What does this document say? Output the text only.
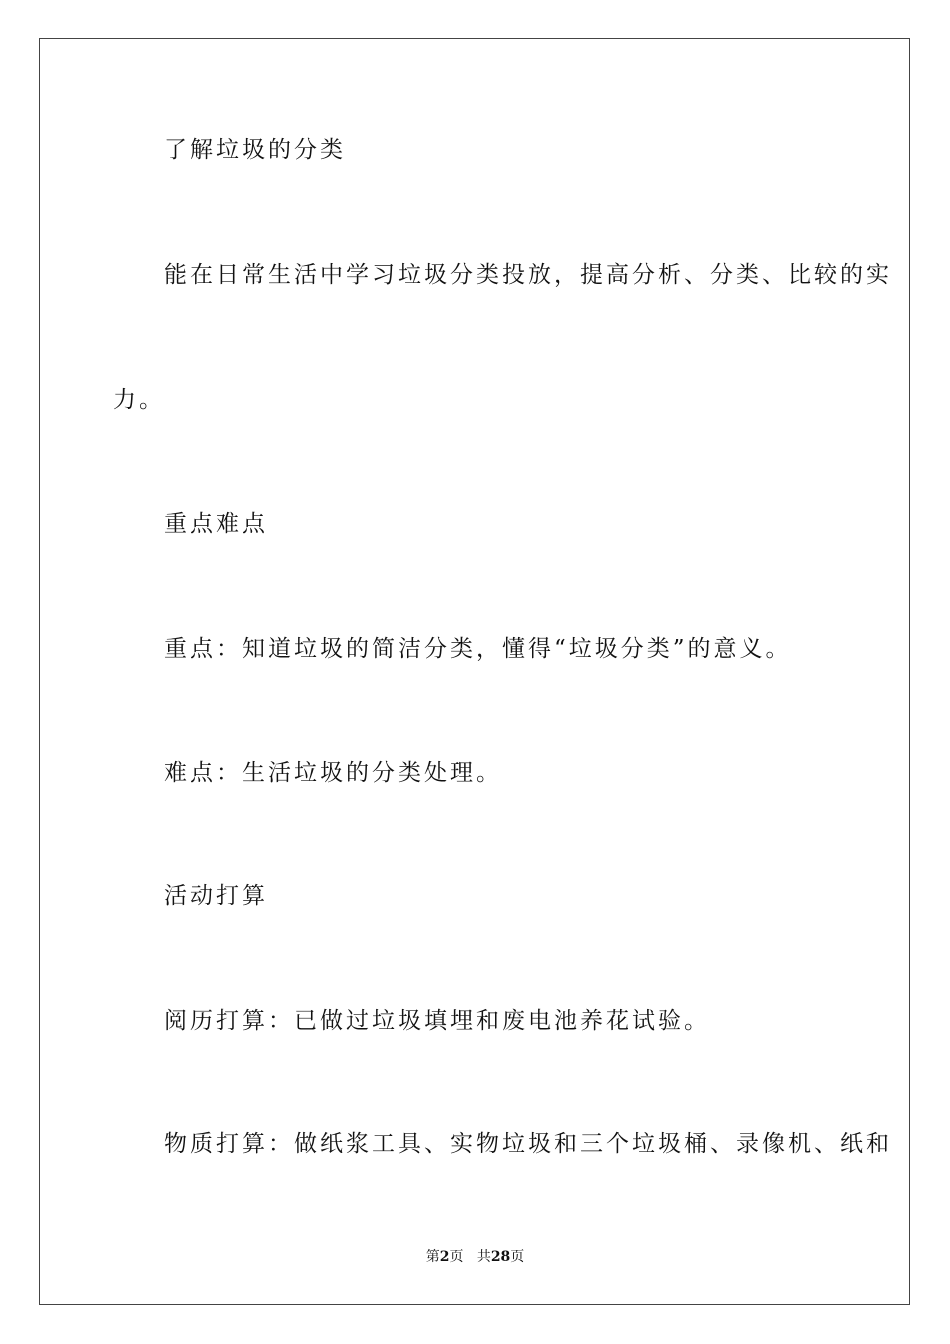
了解垃圾的分类
能在日常生活中学习垃圾分类投放，提高分析、分类、比较的实
力。
重点难点
重点：知道垃圾的简洁分类，懂得“垃圾分类”的意义。
难点：生活垃圾的分类处理。
活动打算
阅历打算：已做过垃圾填埋和废电池养花试验。
物质打算：做纸浆工具、实物垃圾和三个垃圾桶、录像机、纸和
第2页 共28页
